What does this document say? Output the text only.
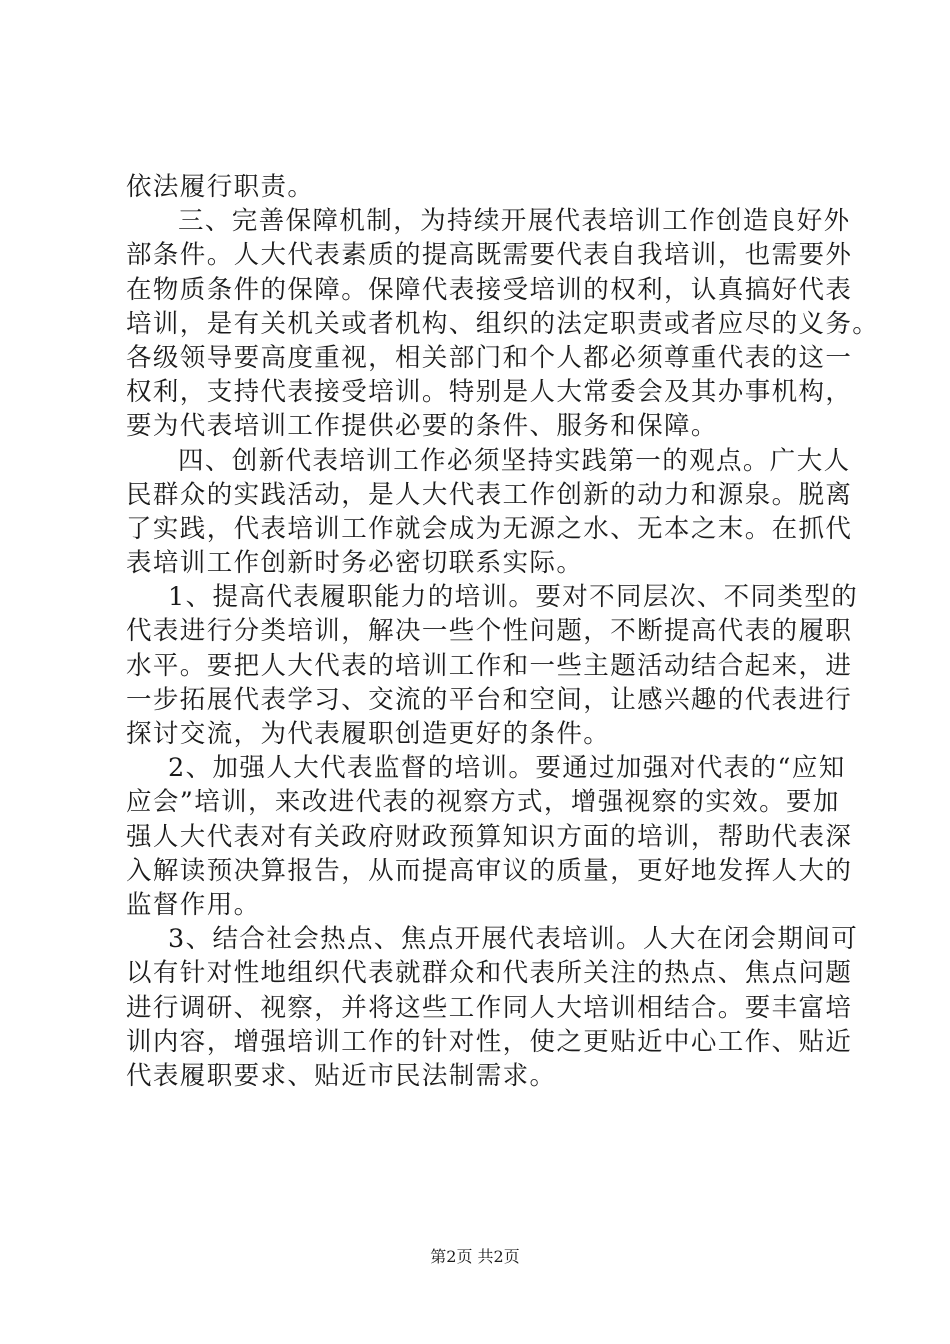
依法履行职责。
三、完善保障机制，为持续开展代表培训工作创造良好外
部条件。人大代表素质的提高既需要代表自我培训，也需要外
在物质条件的保障。保障代表接受培训的权利，认真搞好代表
培训，是有关机关或者机构、组织的法定职责或者应尽的义务。
各级领导要高度重视，相关部门和个人都必须尊重代表的这一
权利，支持代表接受培训。特别是人大常委会及其办事机构，
要为代表培训工作提供必要的条件、服务和保障。
四、创新代表培训工作必须坚持实践第一的观点。广大人
民群众的实践活动，是人大代表工作创新的动力和源泉。脱离
了实践，代表培训工作就会成为无源之水、无本之末。在抓代
表培训工作创新时务必密切联系实际。
1、提高代表履职能力的培训。要对不同层次、不同类型的
代表进行分类培训，解决一些个性问题，不断提高代表的履职
水平。要把人大代表的培训工作和一些主题活动结合起来，进
一步拓展代表学习、交流的平台和空间，让感兴趣的代表进行
探讨交流，为代表履职创造更好的条件。
2、加强人大代表监督的培训。要通过加强对代表的“应知
应会”培训，来改进代表的视察方式，增强视察的实效。要加
强人大代表对有关政府财政预算知识方面的培训，帮助代表深
入解读预决算报告，从而提高审议的质量，更好地发挥人大的
监督作用。
3、结合社会热点、焦点开展代表培训。人大在闭会期间可
以有针对性地组织代表就群众和代表所关注的热点、焦点问题
进行调研、视察，并将这些工作同人大培训相结合。要丰富培
训内容，增强培训工作的针对性，使之更贴近中心工作、贴近
代表履职要求、贴近市民法制需求。
第2页 共2页
